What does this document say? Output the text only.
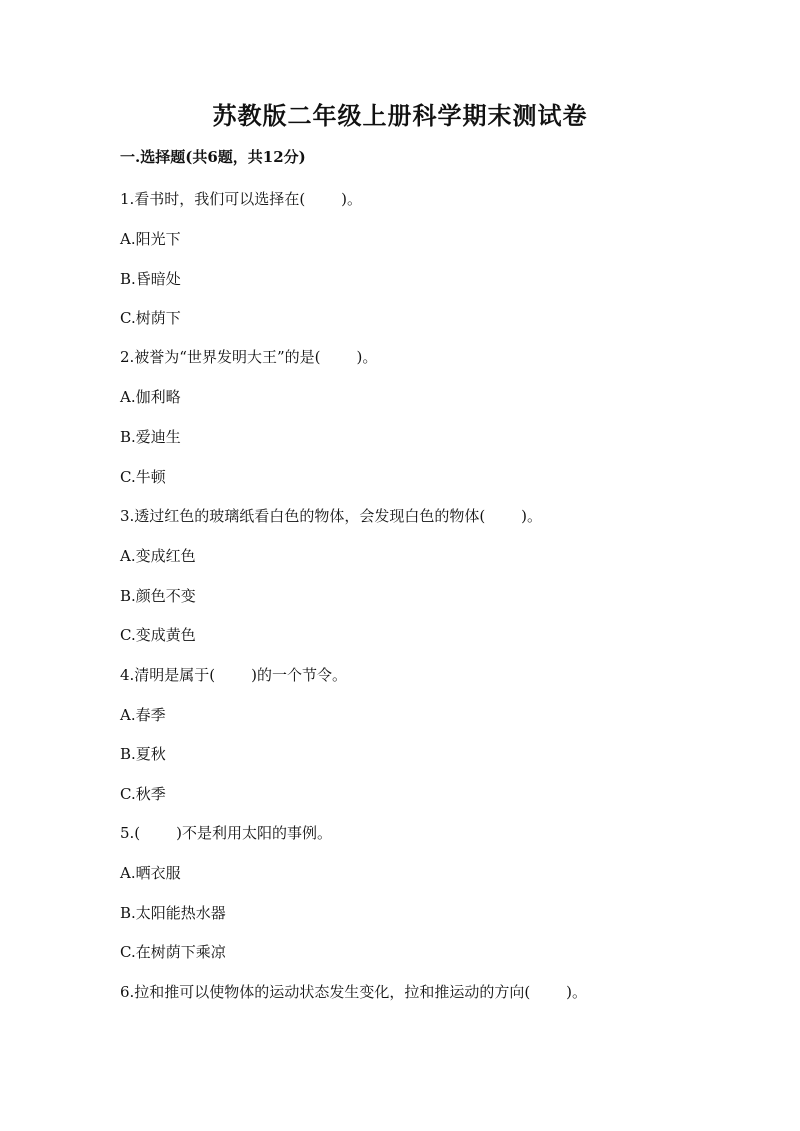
苏教版二年级上册科学期末测试卷
一.选择题(共6题，共12分)
1.看书时，我们可以选择在( )。
A.阳光下
B.昏暗处
C.树荫下
2.被誉为“世界发明大王”的是( )。
A.伽利略
B.爱迪生
C.牛顿
3.透过红色的玻璃纸看白色的物体，会发现白色的物体( )。
A.变成红色
B.颜色不变
C.变成黄色
4.清明是属于( )的一个节令。
A.春季
B.夏秋
C.秋季
5.( )不是利用太阳的事例。
A.晒衣服
B.太阳能热水器
C.在树荫下乘凉
6.拉和推可以使物体的运动状态发生变化，拉和推运动的方向( )。
